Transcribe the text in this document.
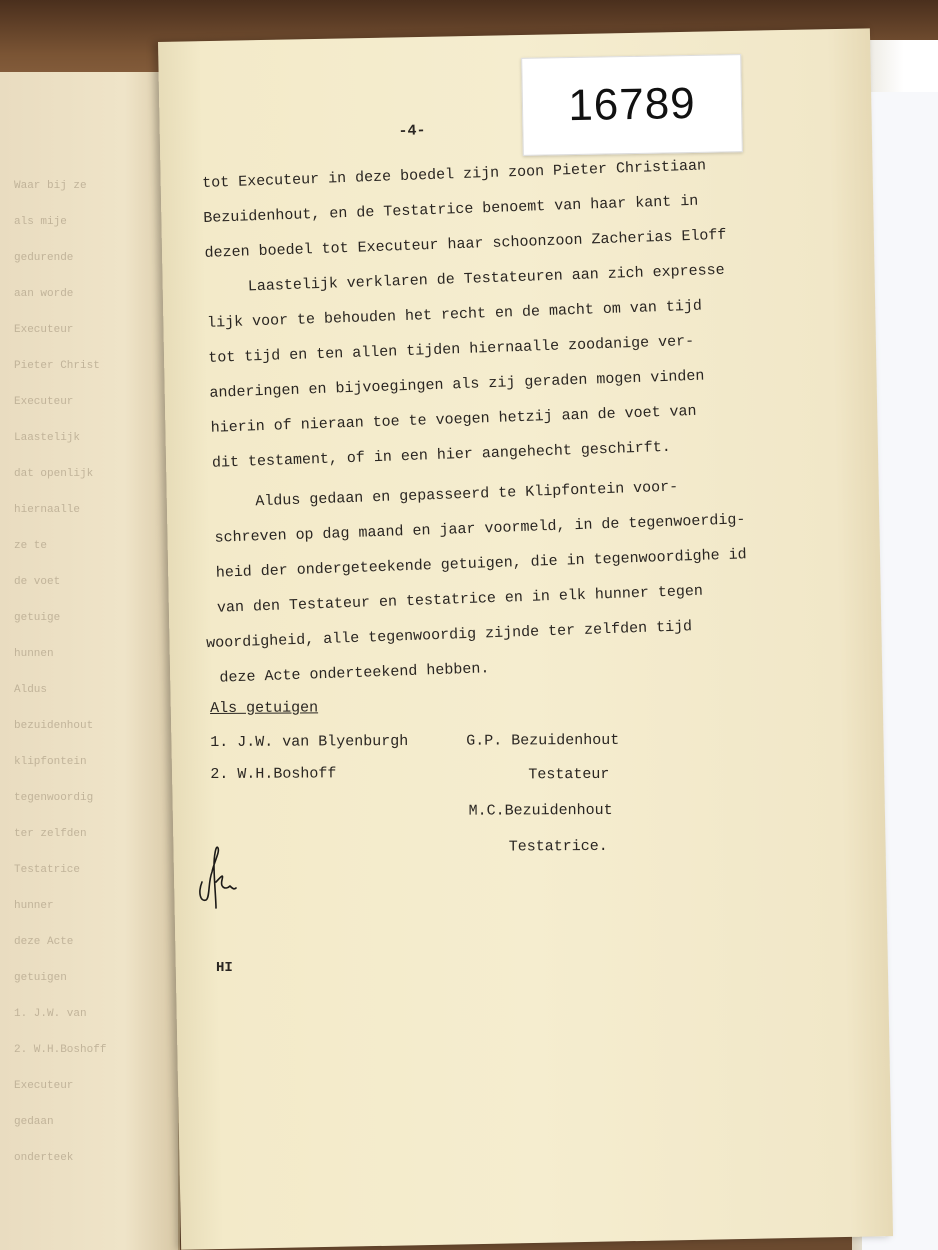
Waar bij ze
als mije
gedurende
aan worde
Executeur
Pieter Christ
Executeur
Laastelijk
dat openlijk
hiernaalle
ze te
de voet
getuige
hunnen
Aldus
bezuidenhout
klipfontein
tegenwoordig
ter zelfden
Testatrice
hunner
deze Acte
getuigen
1. J.W. van
2. W.H.Boshoff
Executeur
gedaan
onderteek
16789
-4-
tot Executeur in deze boedel zijn zoon Pieter Christiaan
Bezuidenhout, en de Testatrice benoemt van haar kant in
dezen boedel tot Executeur haar schoonzoon Zacherias Eloff
Laastelijk verklaren de Testateuren aan zich expresse
lijk voor te behouden het recht en de macht om van tijd
tot tijd en ten allen tijden hiernaalle zoodanige ver-
anderingen en bijvoegingen als zij geraden mogen vinden
hierin of nieraan toe te voegen hetzij aan de voet van
dit testament, of in een hier aangehecht geschirft.
Aldus gedaan en gepasseerd te Klipfontein voor-
schreven op dag maand en jaar voormeld, in de tegenwoerdig-
heid der ondergeteekende getuigen, die in tegenwoordighe id
van den Testateur en testatrice en in elk hunner tegen
woordigheid, alle tegenwoordig zijnde ter zelfden tijd
deze Acte onderteekend hebben.
Als getuigen
1. J.W. van Blyenburgh
2. W.H.Boshoff
G.P. Bezuidenhout
Testateur
M.C.Bezuidenhout
Testatrice.
HI
